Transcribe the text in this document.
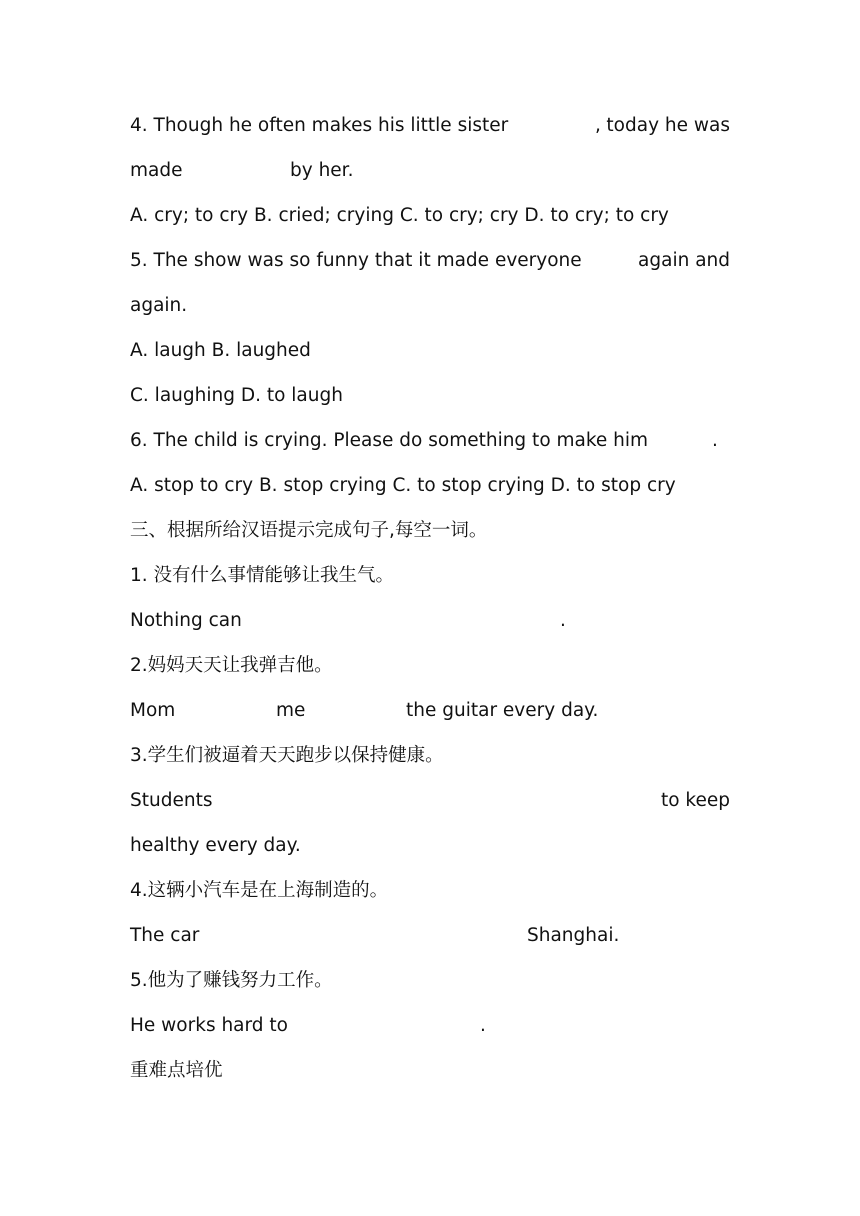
4. Though he often makes his little sister	, today he was
made	by her.
A. cry; to cry B. cried; crying C. to cry; cry D. to cry; to cry
5. The show was so funny that it made everyone	again and
again.
A. laugh B. laughed
C. laughing D. to laugh
6. The child is crying. Please do something to make him	.
A. stop to cry B. stop crying C. to stop crying D. to stop cry
三、根据所给汉语提示完成句子,每空一词。
1. 没有什么事情能够让我生气。
Nothing can	.
2.妈妈天天让我弹吉他。
Mom	me	the guitar every day.
3.学生们被逼着天天跑步以保持健康。
Students	to keep
healthy every day.
4.这辆小汽车是在上海制造的。
The car	Shanghai.
5.他为了赚钱努力工作。
He works hard to	.
重难点培优
